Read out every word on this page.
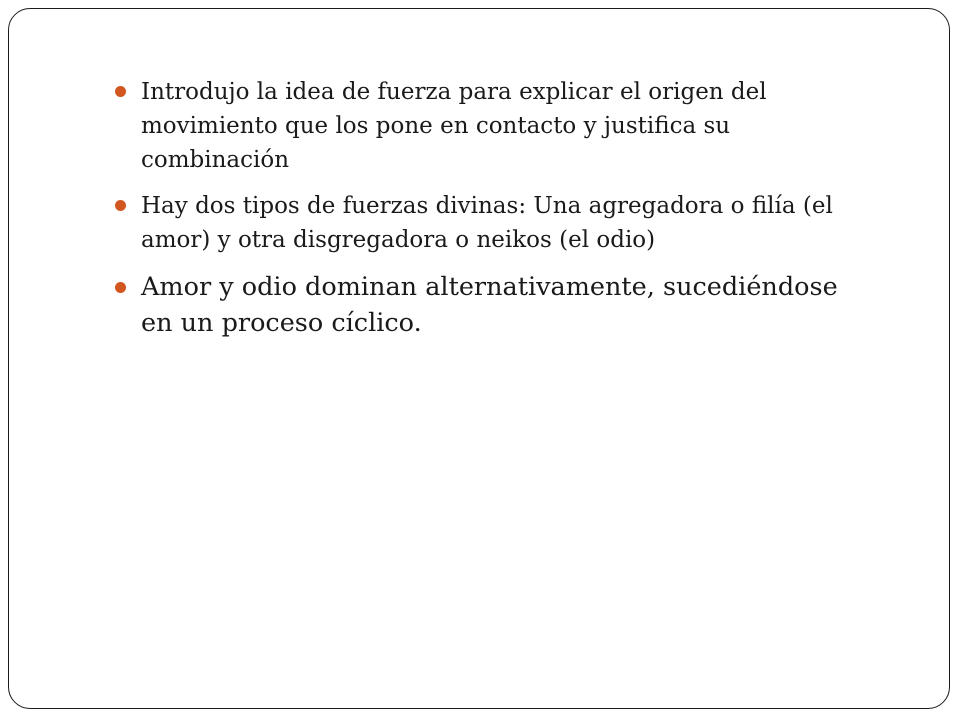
Introdujo la idea de fuerza para explicar el origen del movimiento que los pone en contacto y justifica su combinación
Hay dos tipos de fuerzas divinas: Una agregadora o filía (el amor) y otra disgregadora o neikos (el odio)
Amor y odio dominan alternativamente, sucediéndose en un proceso cíclico.
